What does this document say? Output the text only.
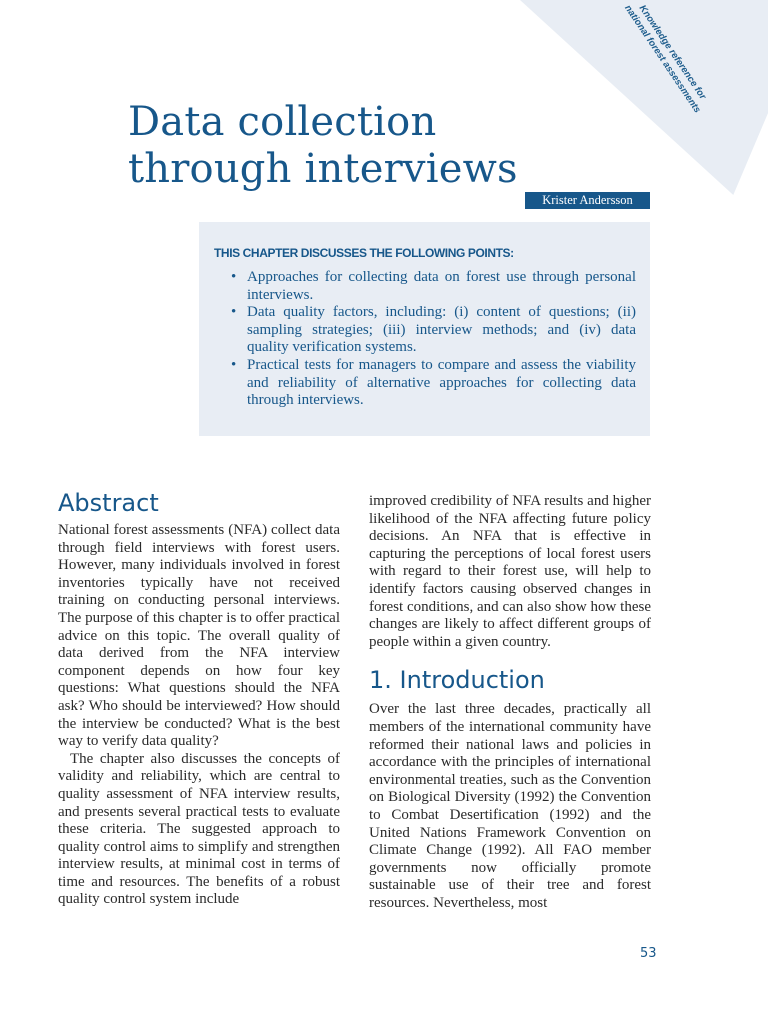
Knowledge reference for national forest assessments
Data collection
through interviews
Krister Andersson
THIS CHAPTER DISCUSSES THE FOLLOWING POINTS:
• Approaches for collecting data on forest use through personal interviews.
• Data quality factors, including: (i) content of questions; (ii) sampling strategies; (iii) interview methods; and (iv) data quality verification systems.
• Practical tests for managers to compare and assess the viability and reliability of alternative approaches for collecting data through interviews.
Abstract

National forest assessments (NFA) collect data through field interviews with forest users. However, many individuals involved in forest inventories typically have not received training on conducting personal interviews. The purpose of this chapter is to offer practical advice on this topic. The overall quality of data derived from the NFA interview component depends on how four key questions: What questions should the NFA ask? Who should be interviewed? How should the interview be conducted? What is the best way to verify data quality?

The chapter also discusses the concepts of validity and reliability, which are central to quality assessment of NFA interview results, and presents several practical tests to evaluate these criteria. The suggested approach to quality control aims to simplify and strengthen interview results, at minimal cost in terms of time and resources. The benefits of a robust quality control system include

improved credibility of NFA results and higher likelihood of the NFA affecting future policy decisions. An NFA that is effective in capturing the perceptions of local forest users with regard to their forest use, will help to identify factors causing observed changes in forest conditions, and can also show how these changes are likely to affect different groups of people within a given country.

1. Introduction

Over the last three decades, practically all members of the international community have reformed their national laws and policies in accordance with the principles of international environmental treaties, such as the Convention on Biological Diversity (1992) the Convention to Combat Desertification (1992) and the United Nations Framework Convention on Climate Change (1992). All FAO member governments now officially promote sustainable use of their tree and forest resources. Nevertheless, most

53
